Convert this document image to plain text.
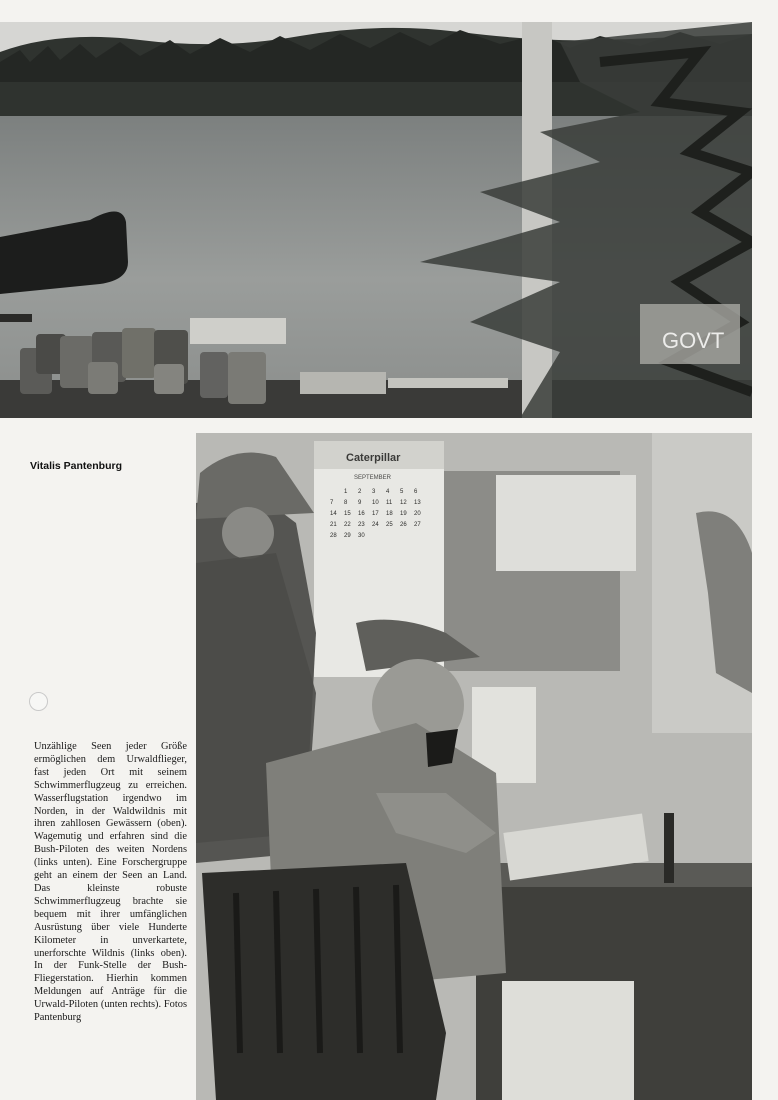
GOVT
Vitalis Pantenburg
Unzählige Seen jeder Größe ermöglichen dem Urwaldflieger, fast jeden Ort mit seinem Schwimmerflugzeug zu erreichen. Wasserflugstation irgendwo im Norden, in der Waldwildnis mit ihren zahllosen Gewässern (oben). Wagemutig und erfahren sind die Bush-Piloten des weiten Nordens (links unten). Eine Forschergruppe geht an einem der Seen an Land. Das kleinste robuste Schwimmerflugzeug brachte sie bequem mit ihrer umfänglichen Ausrüstung über viele Hunderte Kilometer in unverkartete, unerforschte Wildnis (links oben). In der Funk-Stelle der Bush-Fliegerstation. Hierhin kommen Meldungen auf Anträge für die Urwald-Piloten (unten rechts). Fotos Pantenburg
Caterpillar
SEPTEMBER
1 2 3 4 5 6
7 8 9 10 11 12 13
14 15 16 17 18 19 20
21 22 23 24 25 26 27
28 29 30
